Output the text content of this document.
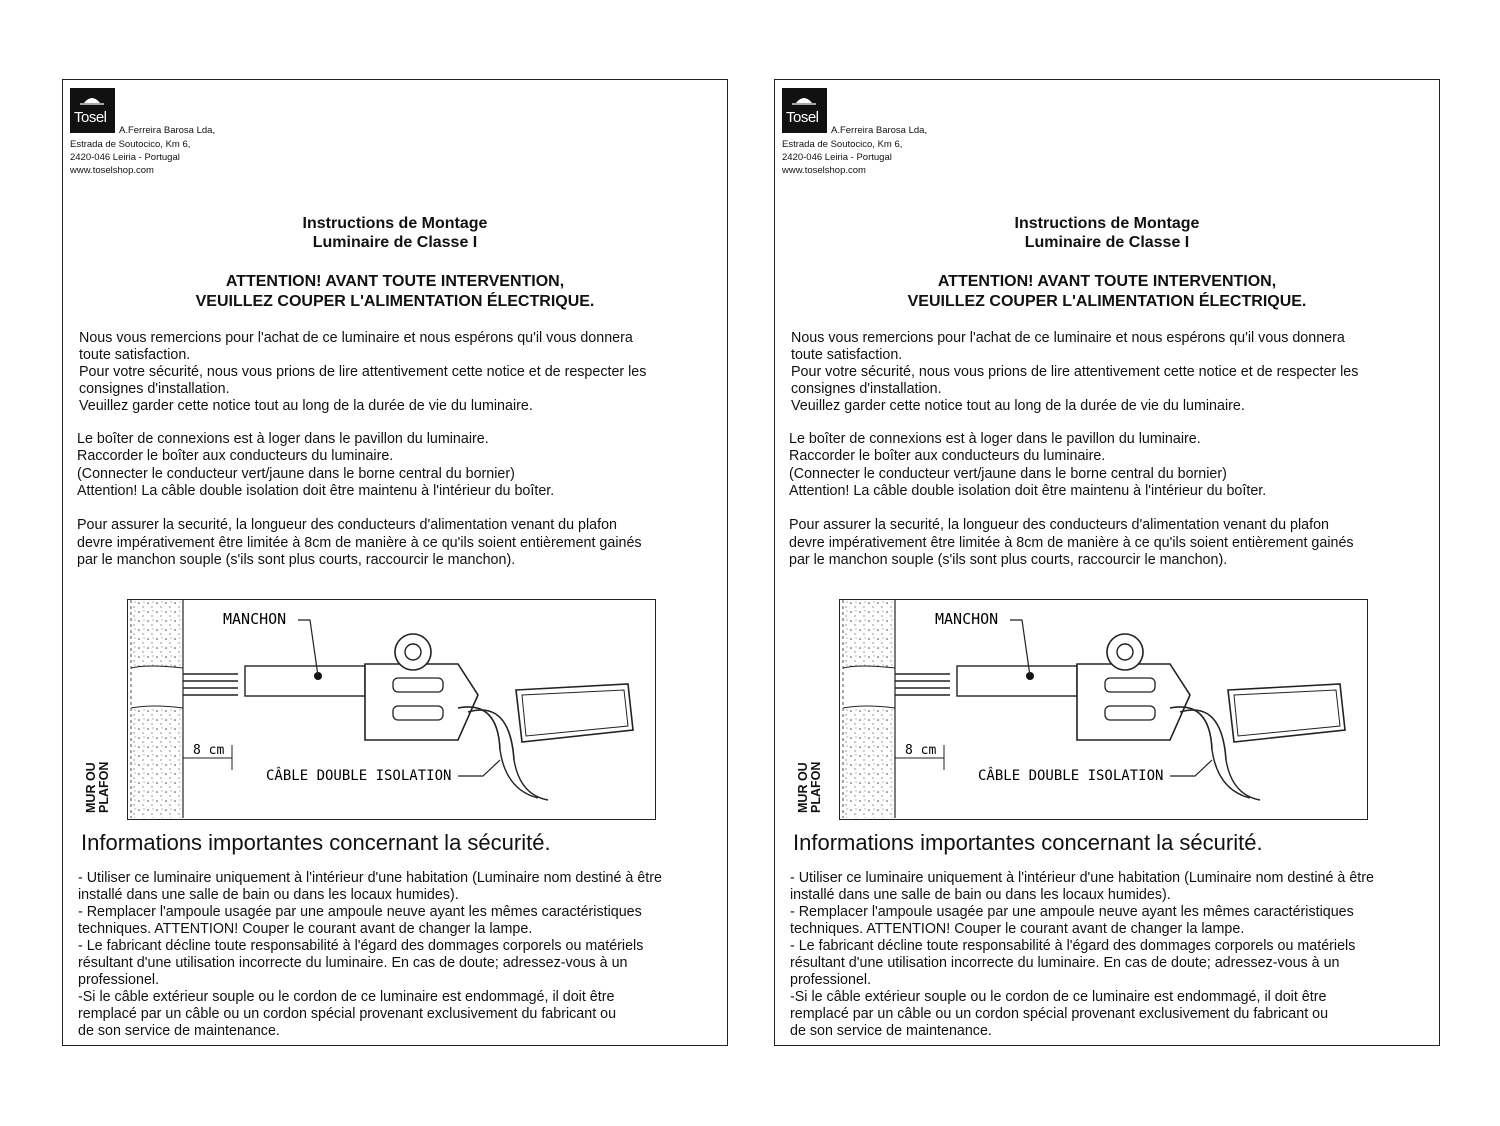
Tosel
A.Ferreira Barosa Lda,
Estrada de Soutocico, Km 6,
2420-046 Leiria - Portugal
www.toselshop.com
Instructions de Montage
Luminaire de Classe I
ATTENTION! AVANT TOUTE INTERVENTION,
VEUILLEZ COUPER L'ALIMENTATION ÉLECTRIQUE.
Nous vous remercions pour l'achat de ce luminaire et nous espérons qu'il vous donnera
toute satisfaction.
Pour votre sécurité, nous vous prions de lire attentivement cette notice et de respecter les
consignes d'installation.
Veuillez garder cette notice tout au long de la durée de vie du luminaire.
Le boîter de connexions est à loger dans le pavillon du luminaire.
Raccorder le boîter aux conducteurs du luminaire.
(Connecter le conducteur vert/jaune dans le borne central du bornier)
Attention! La câble double isolation doit être maintenu à l'intérieur du boîter.
Pour assurer la securité, la longueur des conducteurs d'alimentation venant du plafon
devre impérativement être limitée à 8cm de manière à ce qu'ils soient entièrement gainés
par le manchon souple (s'ils sont plus courts, raccourcir le manchon).
MANCHON
CÂBLE DOUBLE ISOLATION
8 cm
MUR OU PLAFON
Informations importantes concernant la sécurité.
- Utiliser ce luminaire uniquement à l'intérieur d'une habitation (Luminaire nom destiné à être
installé dans une salle de bain ou dans les locaux humides).
- Remplacer l'ampoule usagée par une ampoule neuve ayant les mêmes caractéristiques
techniques. ATTENTION! Couper le courant avant de changer la lampe.
- Le fabricant décline toute responsabilité à l'égard des dommages corporels ou matériels
résultant d'une utilisation incorrecte du luminaire. En cas de doute; adressez-vous à un
professionel.
-Si le câble extérieur souple ou le cordon de ce luminaire est endommagé, il doit être
remplacé par un câble ou un cordon spécial provenant exclusivement du fabricant ou
de son service de maintenance.
Tosel
A.Ferreira Barosa Lda,
Estrada de Soutocico, Km 6,
2420-046 Leiria - Portugal
www.toselshop.com
Instructions de Montage
Luminaire de Classe I
ATTENTION! AVANT TOUTE INTERVENTION,
VEUILLEZ COUPER L'ALIMENTATION ÉLECTRIQUE.
Nous vous remercions pour l'achat de ce luminaire et nous espérons qu'il vous donnera
toute satisfaction.
Pour votre sécurité, nous vous prions de lire attentivement cette notice et de respecter les
consignes d'installation.
Veuillez garder cette notice tout au long de la durée de vie du luminaire.
Le boîter de connexions est à loger dans le pavillon du luminaire.
Raccorder le boîter aux conducteurs du luminaire.
(Connecter le conducteur vert/jaune dans le borne central du bornier)
Attention! La câble double isolation doit être maintenu à l'intérieur du boîter.
Pour assurer la securité, la longueur des conducteurs d'alimentation venant du plafon
devre impérativement être limitée à 8cm de manière à ce qu'ils soient entièrement gainés
par le manchon souple (s'ils sont plus courts, raccourcir le manchon).
MANCHON
CÂBLE DOUBLE ISOLATION
8 cm
MUR OU PLAFON
Informations importantes concernant la sécurité.
- Utiliser ce luminaire uniquement à l'intérieur d'une habitation (Luminaire nom destiné à être
installé dans une salle de bain ou dans les locaux humides).
- Remplacer l'ampoule usagée par une ampoule neuve ayant les mêmes caractéristiques
techniques. ATTENTION! Couper le courant avant de changer la lampe.
- Le fabricant décline toute responsabilité à l'égard des dommages corporels ou matériels
résultant d'une utilisation incorrecte du luminaire. En cas de doute; adressez-vous à un
professionel.
-Si le câble extérieur souple ou le cordon de ce luminaire est endommagé, il doit être
remplacé par un câble ou un cordon spécial provenant exclusivement du fabricant ou
de son service de maintenance.
